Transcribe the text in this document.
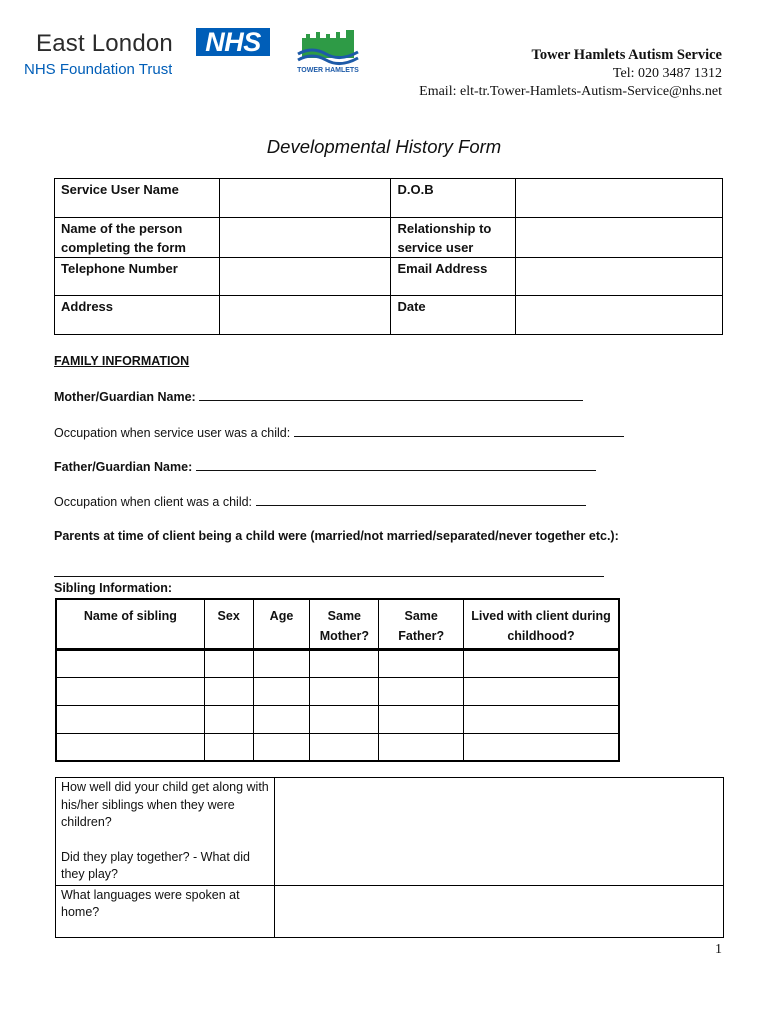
East London	NHS
NHS Foundation Trust	TOWER HAMLETS
Tower Hamlets Autism Service
Tel: 020 3487 1312
Email: elt-tr.Tower-Hamlets-Autism-Service@nhs.net
Developmental History Form
Service User Name		D.O.B	
Name of the person completing the form		Relationship to service user	
Telephone Number		Email Address	
Address		Date	
FAMILY INFORMATION
Mother/Guardian Name:
Occupation when service user was a child:
Father/Guardian Name:
Occupation when client was a child:
Parents at time of client being a child were (married/not married/separated/never together etc.):
Sibling Information:
Name of sibling	Sex	Age	Same Mother?	Same Father?	Lived with client during childhood?

How well did your child get along with his/her siblings when they were children?
Did they play together? - What did they play?	

What languages were spoken at home?	

1
